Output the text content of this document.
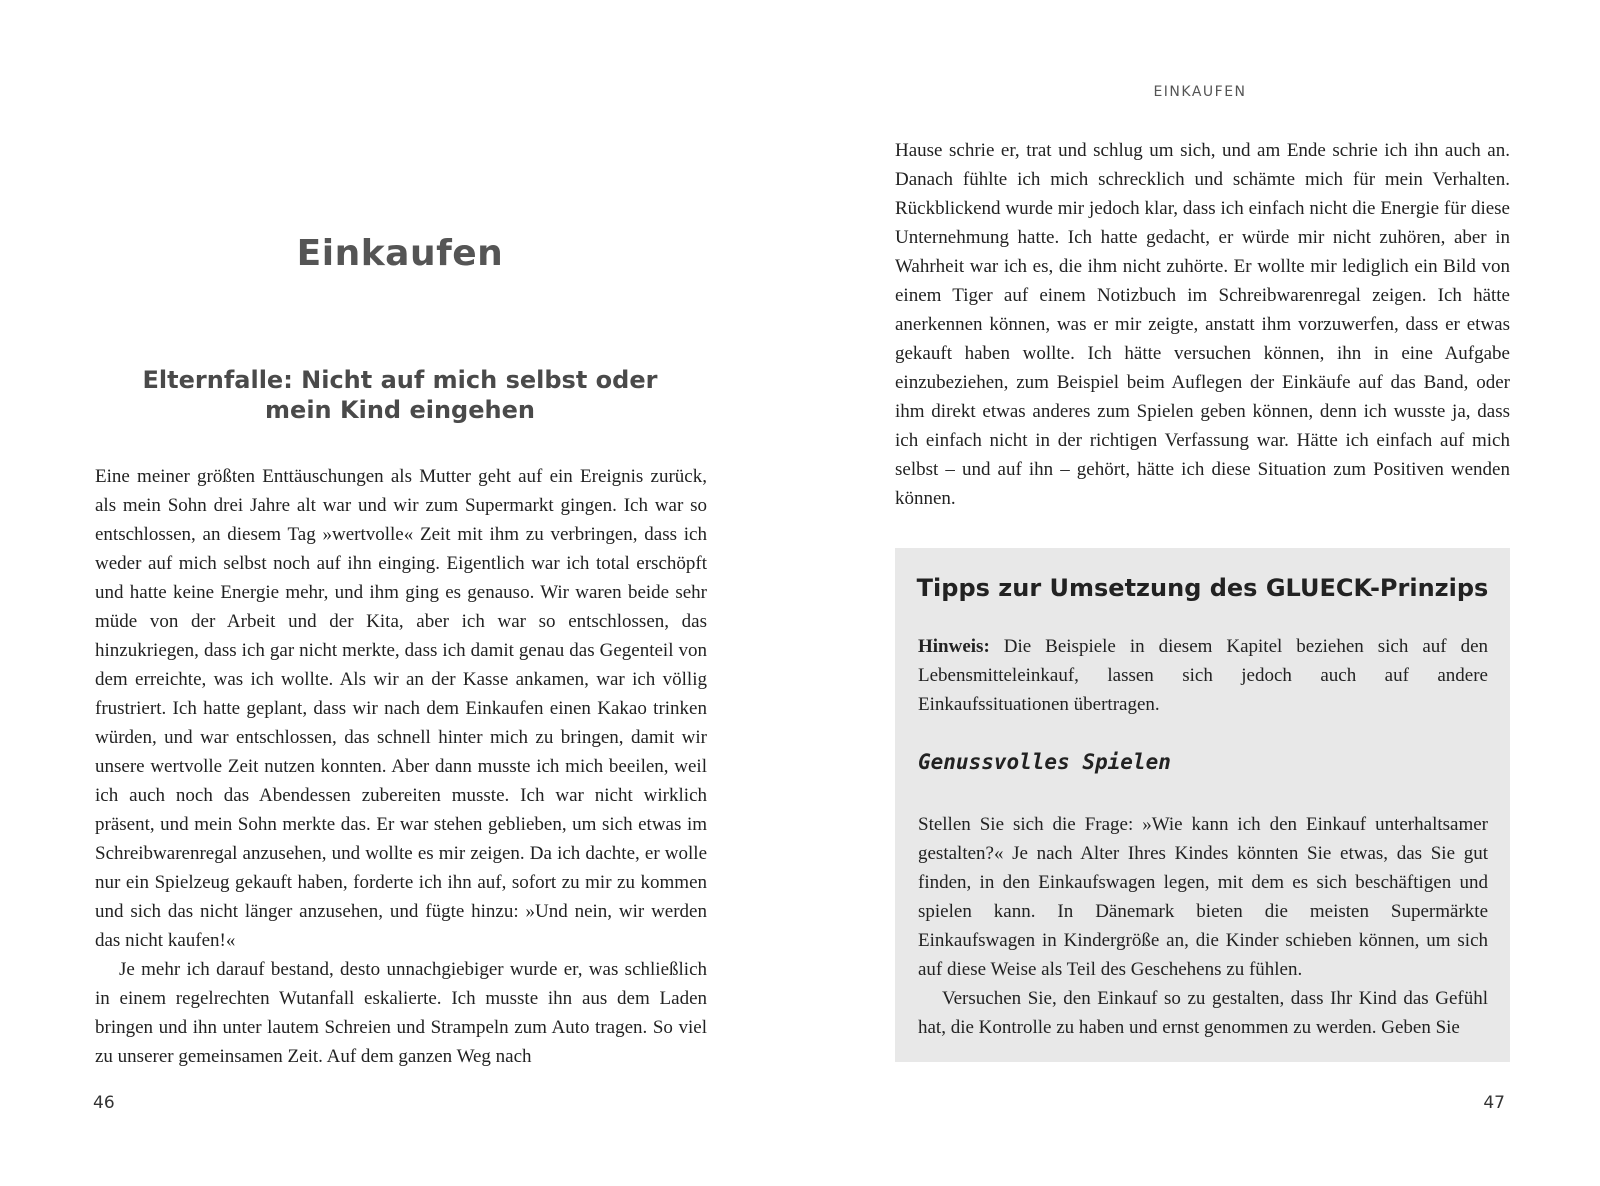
Einkaufen
Elternfalle: Nicht auf mich selbst oder mein Kind eingehen

Eine meiner größten Enttäuschungen als Mutter geht auf ein Ereignis zurück, als mein Sohn drei Jahre alt war und wir zum Supermarkt gingen. Ich war so entschlossen, an diesem Tag »wertvolle« Zeit mit ihm zu verbringen, dass ich weder auf mich selbst noch auf ihn einging. Eigentlich war ich total erschöpft und hatte keine Energie mehr, und ihm ging es genauso. Wir waren beide sehr müde von der Arbeit und der Kita, aber ich war so entschlossen, das hinzukriegen, dass ich gar nicht merkte, dass ich damit genau das Gegenteil von dem erreichte, was ich wollte. Als wir an der Kasse ankamen, war ich völlig frustriert. Ich hatte geplant, dass wir nach dem Einkaufen einen Kakao trinken würden, und war entschlossen, das schnell hinter mich zu bringen, damit wir unsere wertvolle Zeit nutzen konnten. Aber dann musste ich mich beeilen, weil ich auch noch das Abendessen zubereiten musste. Ich war nicht wirklich präsent, und mein Sohn merkte das. Er war stehen geblieben, um sich etwas im Schreibwarenregal anzusehen, und wollte es mir zeigen. Da ich dachte, er wolle nur ein Spielzeug gekauft haben, forderte ich ihn auf, sofort zu mir zu kommen und sich das nicht länger anzusehen, und fügte hinzu: »Und nein, wir werden das nicht kaufen!«

Je mehr ich darauf bestand, desto unnachgiebiger wurde er, was schließlich in einem regelrechten Wutanfall eskalierte. Ich musste ihn aus dem Laden bringen und ihn unter lautem Schreien und Strampeln zum Auto tragen. So viel zu unserer gemeinsamen Zeit. Auf dem ganzen Weg nach

46
EINKAUFEN

Hause schrie er, trat und schlug um sich, und am Ende schrie ich ihn auch an. Danach fühlte ich mich schrecklich und schämte mich für mein Verhalten. Rückblickend wurde mir jedoch klar, dass ich einfach nicht die Energie für diese Unternehmung hatte. Ich hatte gedacht, er würde mir nicht zuhören, aber in Wahrheit war ich es, die ihm nicht zuhörte. Er wollte mir lediglich ein Bild von einem Tiger auf einem Notizbuch im Schreibwarenregal zeigen. Ich hätte anerkennen können, was er mir zeigte, anstatt ihm vorzuwerfen, dass er etwas gekauft haben wollte. Ich hätte versuchen können, ihn in eine Aufgabe einzubeziehen, zum Beispiel beim Auflegen der Einkäufe auf das Band, oder ihm direkt etwas anderes zum Spielen geben können, denn ich wusste ja, dass ich einfach nicht in der richtigen Verfassung war. Hätte ich einfach auf mich selbst – und auf ihn – gehört, hätte ich diese Situation zum Positiven wenden können.

Tipps zur Umsetzung des GLUECK-Prinzips

Hinweis: Die Beispiele in diesem Kapitel beziehen sich auf den Lebensmitteleinkauf, lassen sich jedoch auch auf andere Einkaufssituationen übertragen.

Genussvolles Spielen

Stellen Sie sich die Frage: »Wie kann ich den Einkauf unterhaltsamer gestalten?« Je nach Alter Ihres Kindes könnten Sie etwas, das Sie gut finden, in den Einkaufswagen legen, mit dem es sich beschäftigen und spielen kann. In Dänemark bieten die meisten Supermärkte Einkaufswagen in Kindergröße an, die Kinder schieben können, um sich auf diese Weise als Teil des Geschehens zu fühlen.

Versuchen Sie, den Einkauf so zu gestalten, dass Ihr Kind das Gefühl hat, die Kontrolle zu haben und ernst genommen zu werden. Geben Sie

47
